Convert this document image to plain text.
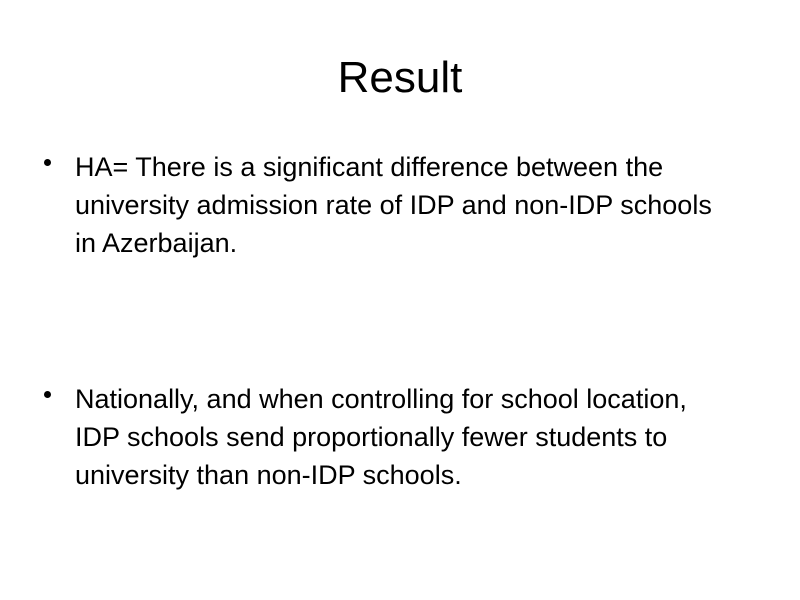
Result
HA= There is a significant difference between the university admission rate of IDP and non-IDP schools in Azerbaijan.
Nationally, and when controlling for school location, IDP schools send proportionally fewer students to university than non-IDP schools.
